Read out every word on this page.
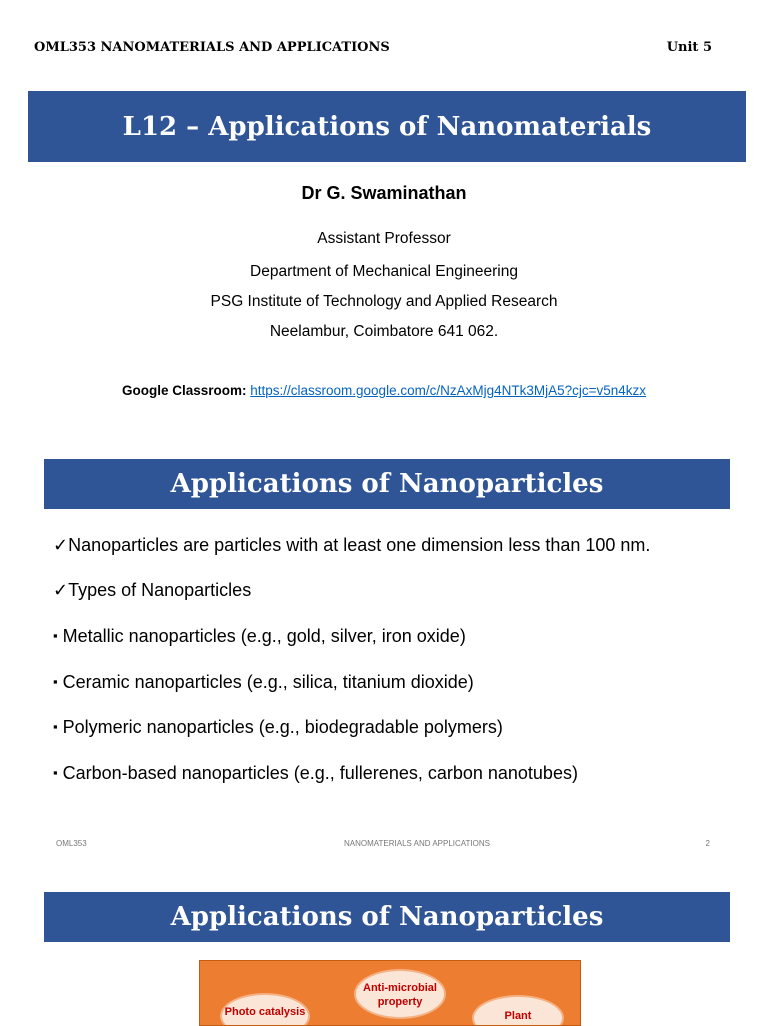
OML353 NANOMATERIALS AND APPLICATIONS	Unit 5
L12 – Applications of Nanomaterials
Dr G. Swaminathan
Assistant Professor
Department of Mechanical Engineering
PSG Institute of Technology and Applied Research
Neelambur, Coimbatore 641 062.
Google Classroom: https://classroom.google.com/c/NzAxMjg4NTk3MjA5?cjc=v5n4kzx
Applications of Nanoparticles
✓Nanoparticles are particles with at least one dimension less than 100 nm.
✓Types of Nanoparticles
▪ Metallic nanoparticles (e.g., gold, silver, iron oxide)
▪ Ceramic nanoparticles (e.g., silica, titanium dioxide)
▪ Polymeric nanoparticles (e.g., biodegradable polymers)
▪ Carbon-based nanoparticles (e.g., fullerenes, carbon nanotubes)
OML353	NANOMATERIALS AND APPLICATIONS	2
Applications of Nanoparticles
Anti-microbial property
Photo catalysis	Plant
